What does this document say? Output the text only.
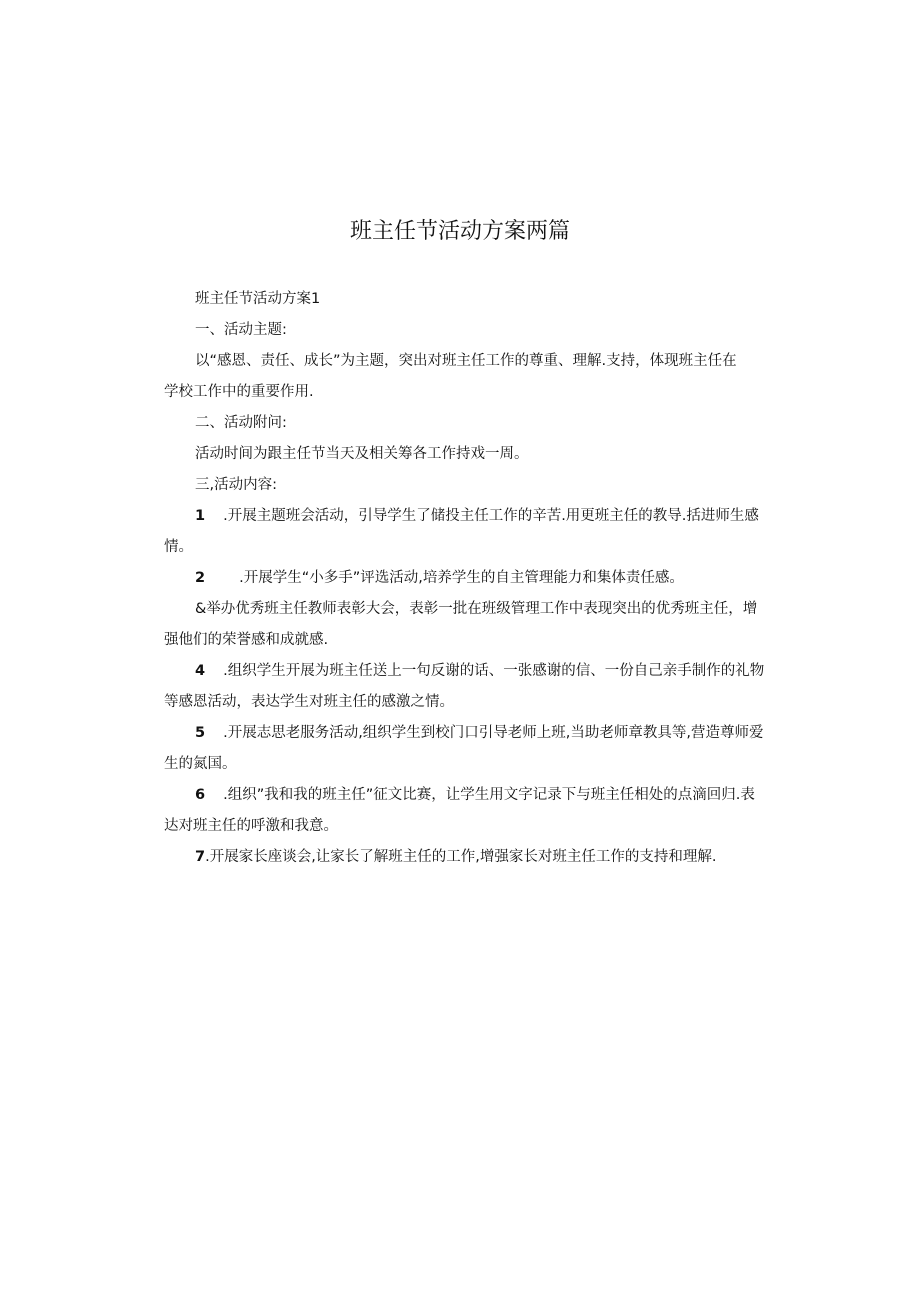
班主任节活动方案两篇
班主任节活动方案1
一、活动主题:
以“感恩、责任、成长”为主题，突出对班主任工作的尊重、理解.支持，体现班主任在
学校工作中的重要作用.
二、活动附问:
活动时间为跟主任节当天及相关筹各工作持戏一周。
三,活动内容:
1 .开展主题班会活动，引导学生了储投主任工作的辛苦.用更班主任的教导.括进师生感
情。
2 .开展学生“小多手”评选活动,培养学生的自主管理能力和集体责任感。
&举办优秀班主任教师表彰大会，表彰一批在班级管理工作中表现突出的优秀班主任，增
强他们的荣誉感和成就感.
4 .组织学生开展为班主任送上一句反谢的话、一张感谢的信、一份自己亲手制作的礼物
等感恩活动，表达学生对班主任的感激之情。
5 .开展志思老服务活动,组织学生到校门口引导老师上班,当助老师章教具等,营造尊师爱
生的氮国。
6 .组织”我和我的班主任”征文比赛，让学生用文字记录下与班主任相处的点滴回归.表
达对班主任的呼激和我意。
7.开展家长座谈会,让家长了解班主任的工作,增强家长对班主任工作的支持和理解.
